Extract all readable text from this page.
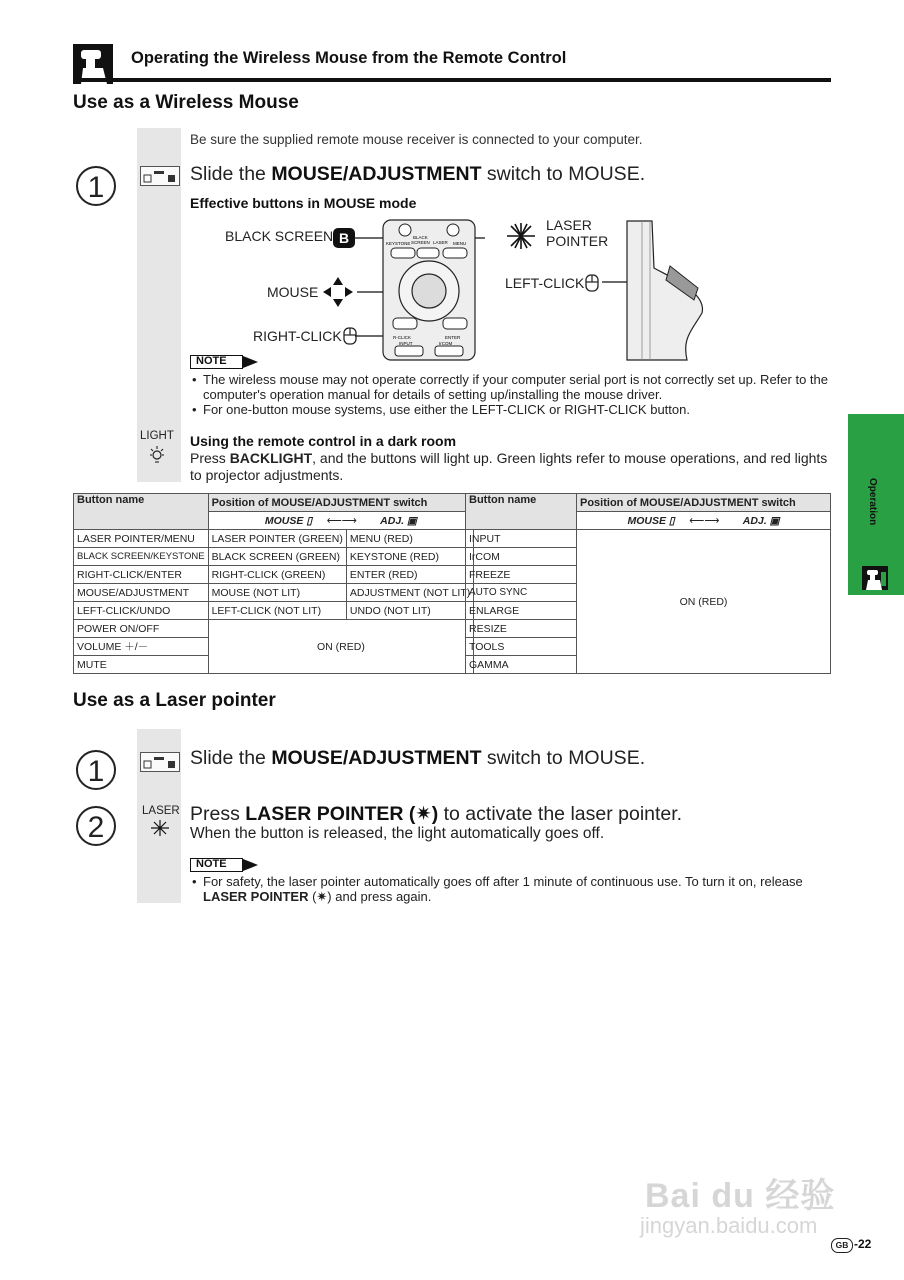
Operating the Wireless Mouse from the Remote Control
Use as a Wireless Mouse
Be sure the supplied remote mouse receiver is connected to your computer.
1	Slide the MOUSE/ADJUSTMENT switch to MOUSE.
Effective buttons in MOUSE mode
BLACK SCREEN B
MOUSE
RIGHT-CLICK
BLACK
SCREEN LASER
KEYSTONE	MENU
R-CLICK	ENTER
INPUT	IrCOM
LASER
POINTER
LEFT-CLICK
NOTE
• The wireless mouse may not operate correctly if your computer serial port is not correctly set up. Refer to the computer's operation manual for details of setting up/installing the mouse driver.
• For one-button mouse systems, use either the LEFT-CLICK or RIGHT-CLICK button.
LIGHT Using the remote control in a dark room
Press BACKLIGHT, and the buttons will light up. Green lights refer to mouse operations, and red lights to projector adjustments.
Button name	Position of MOUSE/ADJUSTMENT switch	
	MOUSE ▯     ⟵⟶ ADJ. ▣	
LASER POINTER/MENU	LASER POINTER (GREEN)	MENU (RED)
BLACK SCREEN/KEYSTONE	BLACK SCREEN (GREEN)	KEYSTONE (RED)
RIGHT-CLICK/ENTER	RIGHT-CLICK (GREEN)	ENTER (RED)
MOUSE/ADJUSTMENT	MOUSE (NOT LIT)	ADJUSTMENT (NOT LIT)
LEFT-CLICK/UNDO	LEFT-CLICK (NOT LIT)	UNDO (NOT LIT)
POWER ON/OFF	ON (RED)	
VOLUME ＋/－		
MUTE		
Button name	Position of MOUSE/ADJUSTMENT switch
	MOUSE ▯     ⟵⟶ ADJ. ▣
INPUT	ON (RED)
IrCOM	
FREEZE	
AUTO SYNC	
ENLARGE	
RESIZE	
TOOLS	
GAMMA	
Use as a Laser pointer
1	Slide the MOUSE/ADJUSTMENT switch to MOUSE.
2	LASER Press LASER POINTER (✷) to activate the laser pointer.
When the button is released, the light automatically goes off.
NOTE
• For safety, the laser pointer automatically goes off after 1 minute of continuous use. To turn it on, release LASER POINTER (✷) and press again.
Operation
Bai du 经验
jingyan.baidu.com
GB -22
